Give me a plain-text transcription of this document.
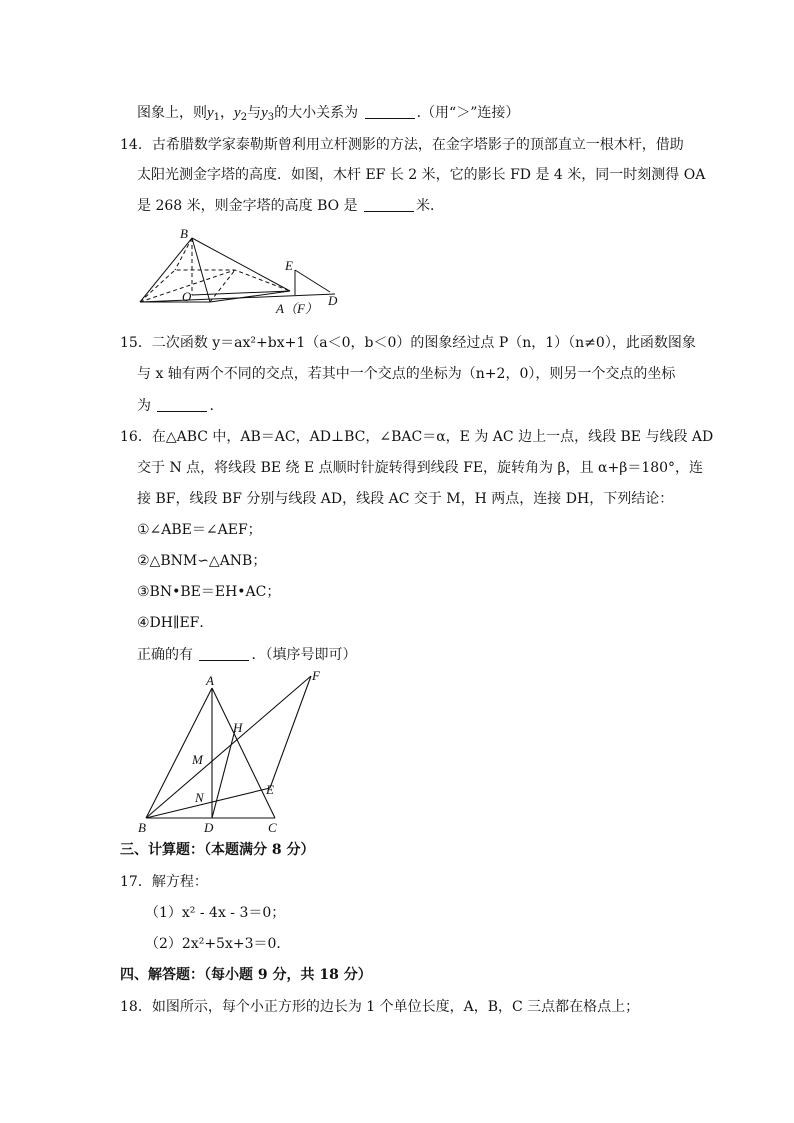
图象上，则$y_1$，$y_2$与$y_3$的大小关系为	.（用“＞”连接）
14．古希腊数学家泰勒斯曾利用立杆测影的方法，在金字塔影子的顶部直立一根木杆，借助
太阳光测金字塔的高度．如图，木杆 EF 长 2 米，它的影长 FD 是 4 米，同一时刻测得 OA
是 268 米，则金字塔的高度 BO 是	米．
B
O
E
A（F）
D
15．二次函数 y＝ax²+bx+1（a＜0，b＜0）的图象经过点 P（n，1）（n≠0），此函数图象
与 x 轴有两个不同的交点，若其中一个交点的坐标为（n+2，0），则另一个交点的坐标
为	.
16．在△ABC 中，AB＝AC，AD⊥BC，∠BAC＝α，E 为 AC 边上一点，线段 BE 与线段 AD
交于 N 点，将线段 BE 绕 E 点顺时针旋转得到线段 FE，旋转角为 β，且 α+β＝180°，连
接 BF，线段 BF 分别与线段 AD，线段 AC 交于 M，H 两点，连接 DH，下列结论：
①∠ABE＝∠AEF；
②△BNM∽△ANB；
③BN•BE＝EH•AC；
④DH∥EF．
正确的有	．（填序号即可）
A	F
H
M
E
N
B	D	C
三、计算题：（本题满分 8 分）
17．解方程：
（1）x² - 4x - 3＝0；
（2）2x²+5x+3＝0．
四、解答题：（每小题 9 分，共 18 分）
18．如图所示，每个小正方形的边长为 1 个单位长度，A，B，C 三点都在格点上；
